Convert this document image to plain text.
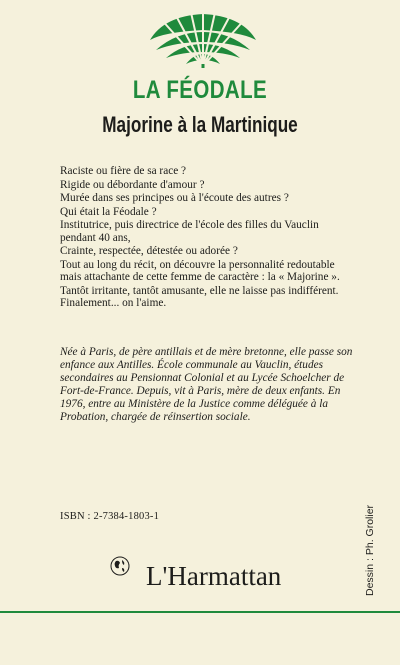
LA FÉODALE
Majorine à la Martinique

Raciste ou fière de sa race ?

Rigide ou débordante d'amour ?

Murée dans ses principes ou à l'écoute des autres ?

Qui était la Féodale ?

Institutrice, puis directrice de l'école des filles du Vauclin pendant 40 ans,

Crainte, respectée, détestée ou adorée ?

Tout au long du récit, on découvre la personnalité redoutable mais attachante de cette femme de caractère : la « Majorine ».

Tantôt irritante, tantôt amusante, elle ne laisse pas indifférent. Finalement... on l'aime.

Née à Paris, de père antillais et de mère bretonne, elle passe son enfance aux Antilles. École communale au Vauclin, études secondaires au Pensionnat Colonial et au Lycée Schoelcher de Fort-de-France. Depuis, vit à Paris, mère de deux enfants. En 1976, entre au Ministère de la Justice comme déléguée à la Probation, chargée de réinsertion sociale.

ISBN : 2-7384-1803-1	Dessin : Ph. Grolier
L'Harmattan
